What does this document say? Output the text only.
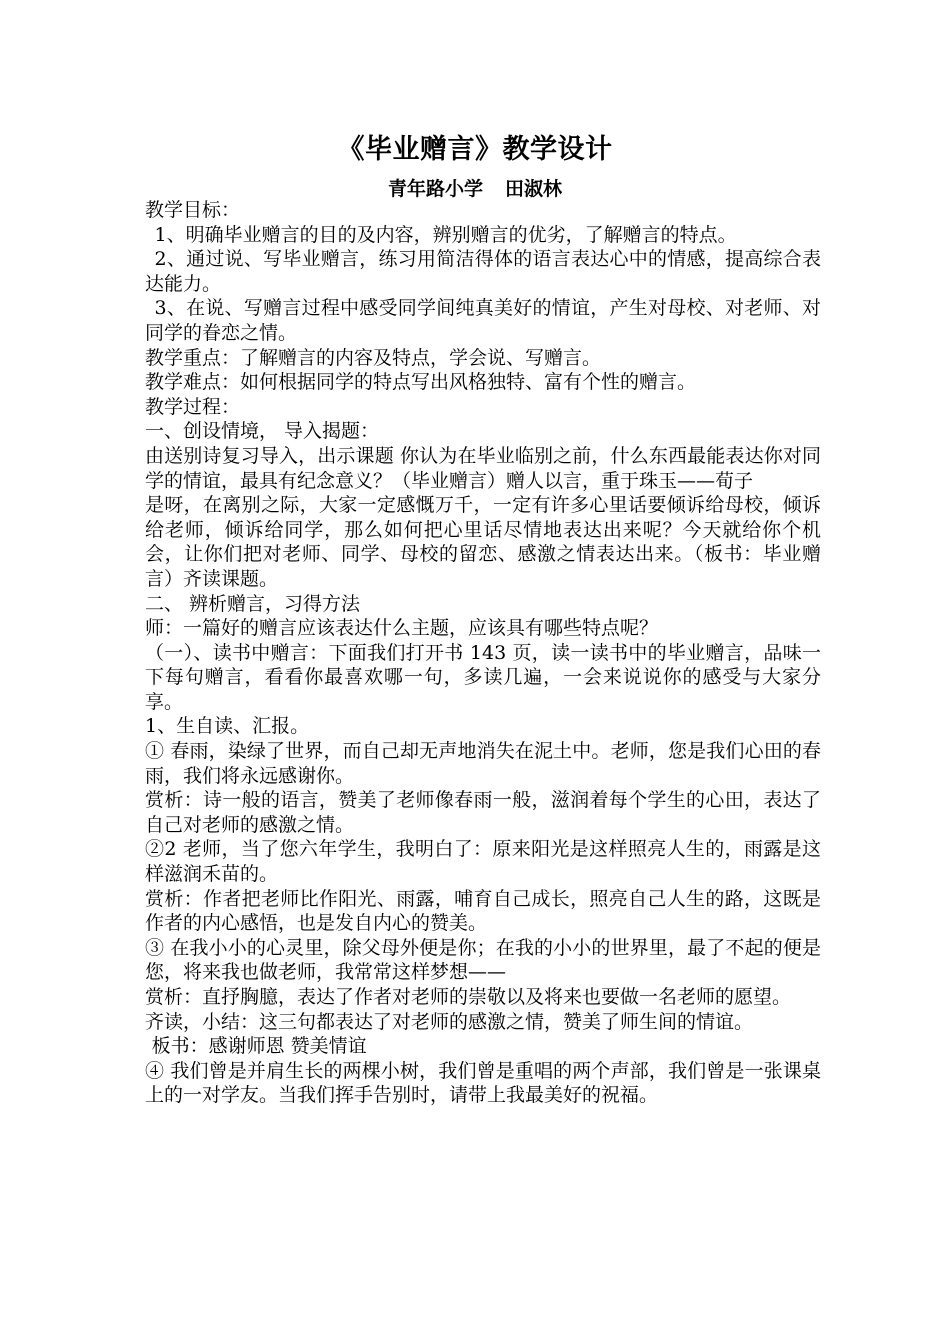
《毕业赠言》教学设计
青年路小学 田淑林

教学目标：

1、明确毕业赠言的目的及内容，辨别赠言的优劣，了解赠言的特点。

2、通过说、写毕业赠言，练习用简洁得体的语言表达心中的情感，提高综合表达能力。

3、在说、写赠言过程中感受同学间纯真美好的情谊，产生对母校、对老师、对同学的眷恋之情。

教学重点：了解赠言的内容及特点，学会说、写赠言。

教学难点：如何根据同学的特点写出风格独特、富有个性的赠言。

教学过程：

一、创设情境， 导入揭题：

由送别诗复习导入，出示课题 你认为在毕业临别之前，什么东西最能表达你对同学的情谊，最具有纪念意义？（毕业赠言）赠人以言，重于珠玉——荀子

是呀，在离别之际，大家一定感慨万千，一定有许多心里话要倾诉给母校，倾诉给老师，倾诉给同学，那么如何把心里话尽情地表达出来呢？今天就给你个机会，让你们把对老师、同学、母校的留恋、感激之情表达出来。（板书：毕业赠言）齐读课题。

二、 辨析赠言，习得方法

师：一篇好的赠言应该表达什么主题，应该具有哪些特点呢？

（一）、读书中赠言：下面我们打开书 143 页，读一读书中的毕业赠言，品味一下每句赠言，看看你最喜欢哪一句，多读几遍，一会来说说你的感受与大家分享。

1、生自读、汇报。

① 春雨，染绿了世界，而自己却无声地消失在泥土中。老师，您是我们心田的春雨，我们将永远感谢你。

赏析：诗一般的语言，赞美了老师像春雨一般，滋润着每个学生的心田，表达了自己对老师的感激之情。

②2 老师，当了您六年学生，我明白了：原来阳光是这样照亮人生的，雨露是这样滋润禾苗的。

赏析：作者把老师比作阳光、雨露，哺育自己成长，照亮自己人生的路，这既是作者的内心感悟，也是发自内心的赞美。

③ 在我小小的心灵里，除父母外便是你；在我的小小的世界里，最了不起的便是您，将来我也做老师，我常常这样梦想——

赏析：直抒胸臆，表达了作者对老师的崇敬以及将来也要做一名老师的愿望。

齐读，小结：这三句都表达了对老师的感激之情，赞美了师生间的情谊。

板书：感谢师恩 赞美情谊

④ 我们曾是并肩生长的两棵小树，我们曾是重唱的两个声部，我们曾是一张课桌上的一对学友。当我们挥手告别时，请带上我最美好的祝福。
